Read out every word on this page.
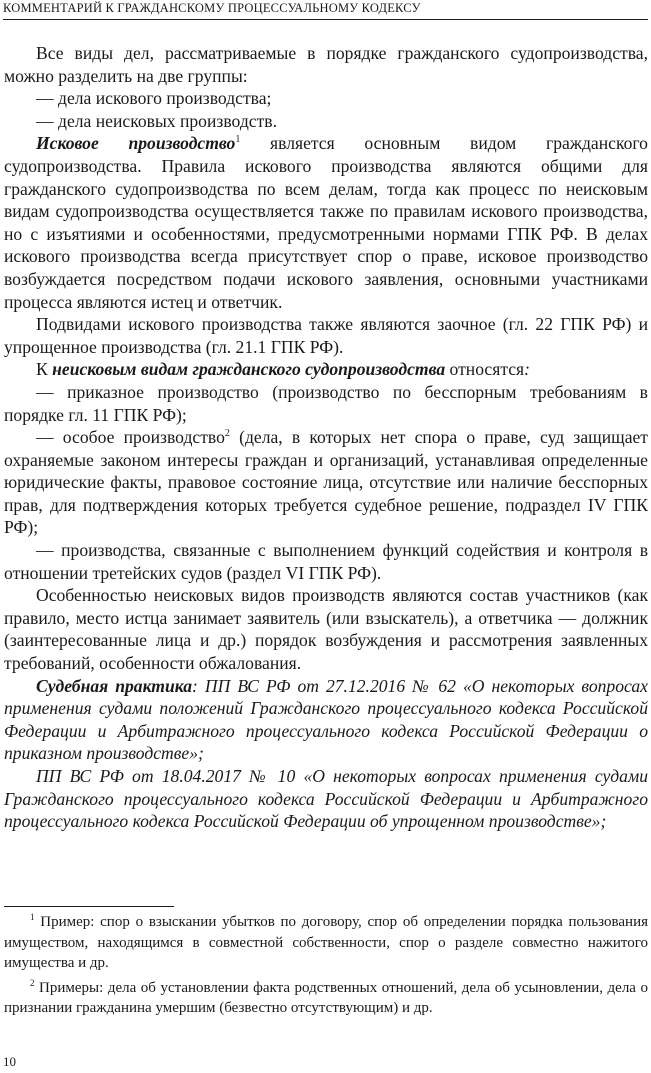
КОММЕНТАРИЙ К ГРАЖДАНСКОМУ ПРОЦЕССУАЛЬНОМУ КОДЕКСУ

Все виды дел, рассматриваемые в порядке гражданского судопроизводства, можно разделить на две группы:

— дела искового производства;

— дела неисковых производств.

Исковое производство$^1$ является основным видом гражданского судопроизводства. Правила искового производства являются общими для гражданского судопроизводства по всем делам, тогда как процесс по неисковым видам судопроизводства осуществляется также по правилам искового производства, но с изъятиями и особенностями, предусмотренными нормами ГПК РФ. В делах искового производства всегда присутствует спор о праве, исковое производство возбуждается посредством подачи искового заявления, основными участниками процесса являются истец и ответчик.

Подвидами искового производства также являются заочное (гл. 22 ГПК РФ) и упрощенное производства (гл. 21.1 ГПК РФ).

К неисковым видам гражданского судопроизводства относятся:

— приказное производство (производство по бесспорным требованиям в порядке гл. 11 ГПК РФ);

— особое производство$^2$ (дела, в которых нет спора о праве, суд защищает охраняемые законом интересы граждан и организаций, устанавливая определенные юридические факты, правовое состояние лица, отсутствие или наличие бесспорных прав, для подтверждения которых требуется судебное решение, подраздел IV ГПК РФ);

— производства, связанные с выполнением функций содействия и контроля в отношении третейских судов (раздел VI ГПК РФ).

Особенностью неисковых видов производств являются состав участников (как правило, место истца занимает заявитель (или взыскатель), а ответчика — должник (заинтересованные лица и др.) порядок возбуждения и рассмотрения заявленных требований, особенности обжалования.

Судебная практика: ПП ВС РФ от 27.12.2016 № 62 «О некоторых вопросах применения судами положений Гражданского процессуального кодекса Российской Федерации и Арбитражного процессуального кодекса Российской Федерации о приказном производстве»;

ПП ВС РФ от 18.04.2017 № 10 «О некоторых вопросах применения судами Гражданского процессуального кодекса Российской Федерации и Арбитражного процессуального кодекса Российской Федерации об упрощенном производстве»;

$^1$ Пример: спор о взыскании убытков по договору, спор об определении порядка пользования имуществом, находящимся в совместной собственности, спор о разделе совместно нажитого имущества и др.

$^2$ Примеры: дела об установлении факта родственных отношений, дела об усыновлении, дела о признании гражданина умершим (безвестно отсутствующим) и др.

10
